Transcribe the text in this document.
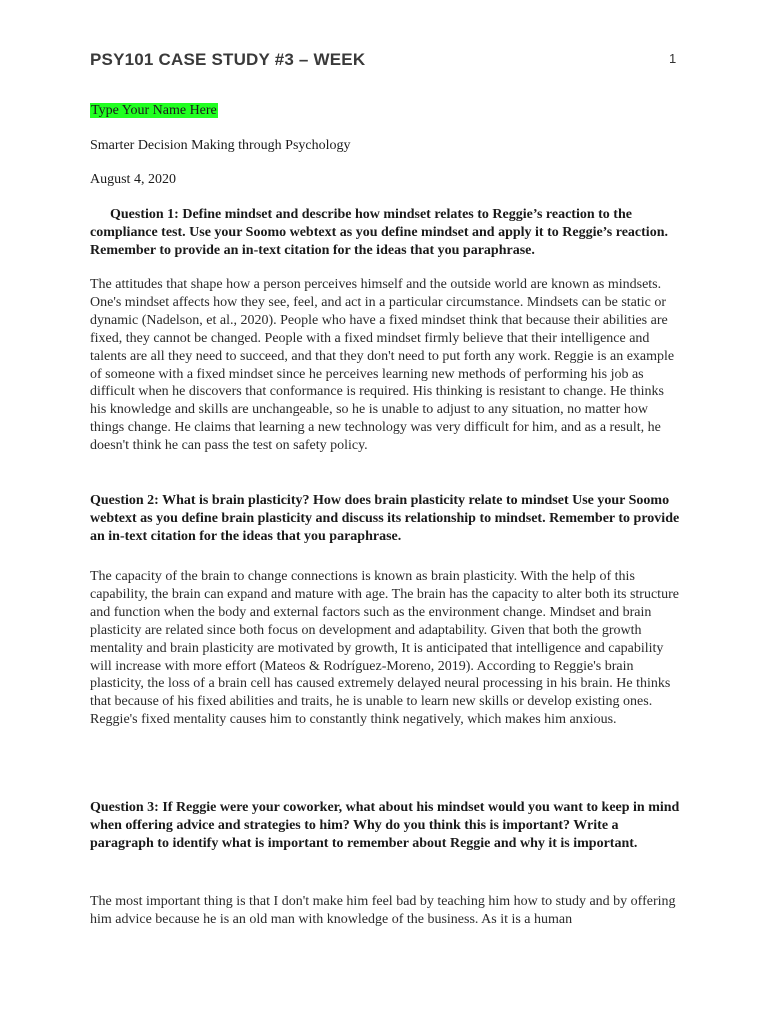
PSY101 CASE STUDY #3 – WEEK	1
Type Your Name Here
Smarter Decision Making through Psychology
August 4, 2020

Question 1: Define mindset and describe how mindset relates to Reggie’s reaction to the compliance test. Use your Soomo webtext as you define mindset and apply it to Reggie’s reaction. Remember to provide an in-text citation for the ideas that you paraphrase.

The attitudes that shape how a person perceives himself and the outside world are known as mindsets. One's mindset affects how they see, feel, and act in a particular circumstance. Mindsets can be static or dynamic (Nadelson, et al., 2020). People who have a fixed mindset think that because their abilities are fixed, they cannot be changed. People with a fixed mindset firmly believe that their intelligence and talents are all they need to succeed, and that they don't need to put forth any work. Reggie is an example of someone with a fixed mindset since he perceives learning new methods of performing his job as difficult when he discovers that conformance is required. His thinking is resistant to change. He thinks his knowledge and skills are unchangeable, so he is unable to adjust to any situation, no matter how things change. He claims that learning a new technology was very difficult for him, and as a result, he doesn't think he can pass the test on safety policy.

Question 2: What is brain plasticity? How does brain plasticity relate to mindset Use your Soomo webtext as you define brain plasticity and discuss its relationship to mindset. Remember to provide an in-text citation for the ideas that you paraphrase.

The capacity of the brain to change connections is known as brain plasticity. With the help of this capability, the brain can expand and mature with age. The brain has the capacity to alter both its structure and function when the body and external factors such as the environment change. Mindset and brain plasticity are related since both focus on development and adaptability. Given that both the growth mentality and brain plasticity are motivated by growth, It is anticipated that intelligence and capability will increase with more effort (Mateos & Rodríguez-Moreno, 2019). According to Reggie's brain plasticity, the loss of a brain cell has caused extremely delayed neural processing in his brain. He thinks that because of his fixed abilities and traits, he is unable to learn new skills or develop existing ones. Reggie's fixed mentality causes him to constantly think negatively, which makes him anxious.

Question 3: If Reggie were your coworker, what about his mindset would you want to keep in mind when offering advice and strategies to him? Why do you think this is important? Write a paragraph to identify what is important to remember about Reggie and why it is important.

The most important thing is that I don't make him feel bad by teaching him how to study and by offering him advice because he is an old man with knowledge of the business. As it is a human
